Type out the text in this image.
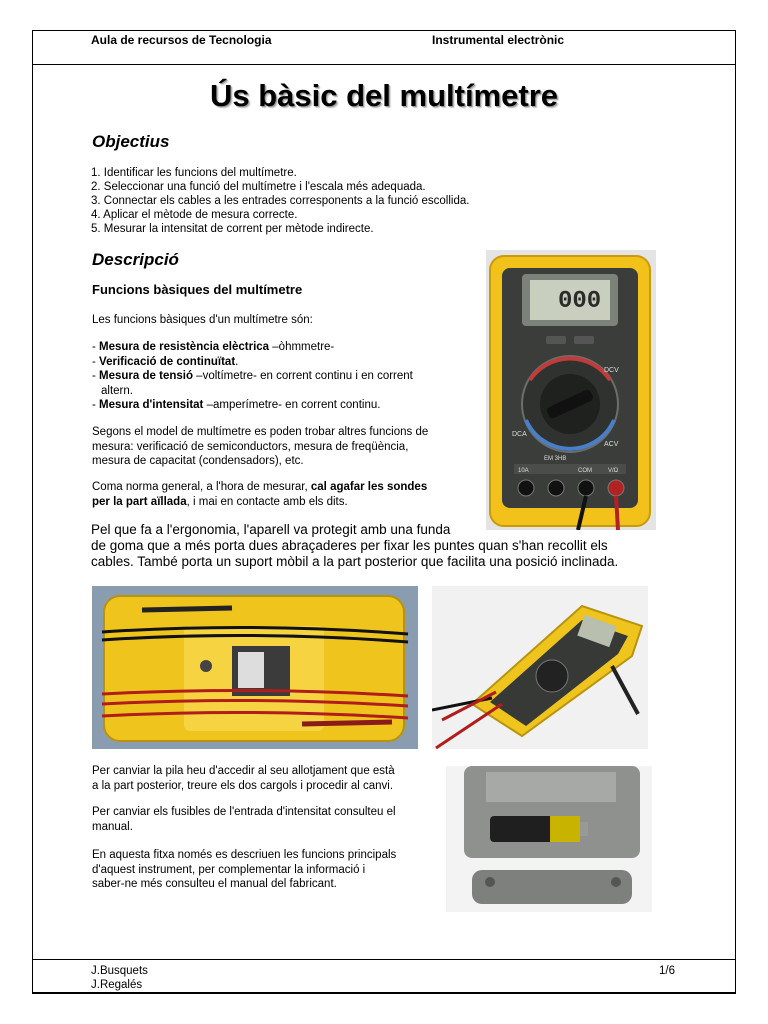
Aula de recursos de Tecnologia	Instrumental electrònic
Ús bàsic del multímetre
Objectius
1. Identificar les funcions del multímetre.
2. Seleccionar una funció del multímetre i l'escala més adequada.
3. Connectar els cables a les entrades corresponents a la funció escollida.
4. Aplicar el mètode de mesura correcte.
5. Mesurar la intensitat de corrent per mètode indirecte.
Descripció
Funcions bàsiques del multímetre
Les funcions bàsiques d'un multímetre són:
- Mesura de resistència elèctrica –òhmmetre-
- Verificació de continuïtat.
- Mesura de tensió –voltímetre- en corrent continu i en corrent
altern.
- Mesura d'intensitat –amperímetre- en corrent continu.
Segons el model de multímetre es poden trobar altres funcions de
mesura: verificació de semiconductors, mesura de freqüència,
mesura de capacitat (condensadors), etc.
Coma norma general, a l'hora de mesurar, cal agafar les sondes
per la part aïllada, i mai en contacte amb els dits.
Pel que fa a l'ergonomia, l'aparell va protegit amb una funda
de goma que a més porta dues abraçaderes per fixar les puntes quan s'han recollit els
cables. També porta un suport mòbil a la part posterior que facilita una posició inclinada.
Per canviar la pila heu d'accedir al seu allotjament que està
a la part posterior, treure els dos cargols i procedir al canvi.
Per canviar els fusibles de l'entrada d'intensitat consulteu el
manual.
En aquesta fitxa només es descriuen les funcions principals
d'aquest instrument, per complementar la informació i
saber-ne més consulteu el manual del fabricant.
000
DCV
ACV
DCA
EM 3HB
COM
10A	V/Ω
J.Busquets
J.Regalés
1/6
